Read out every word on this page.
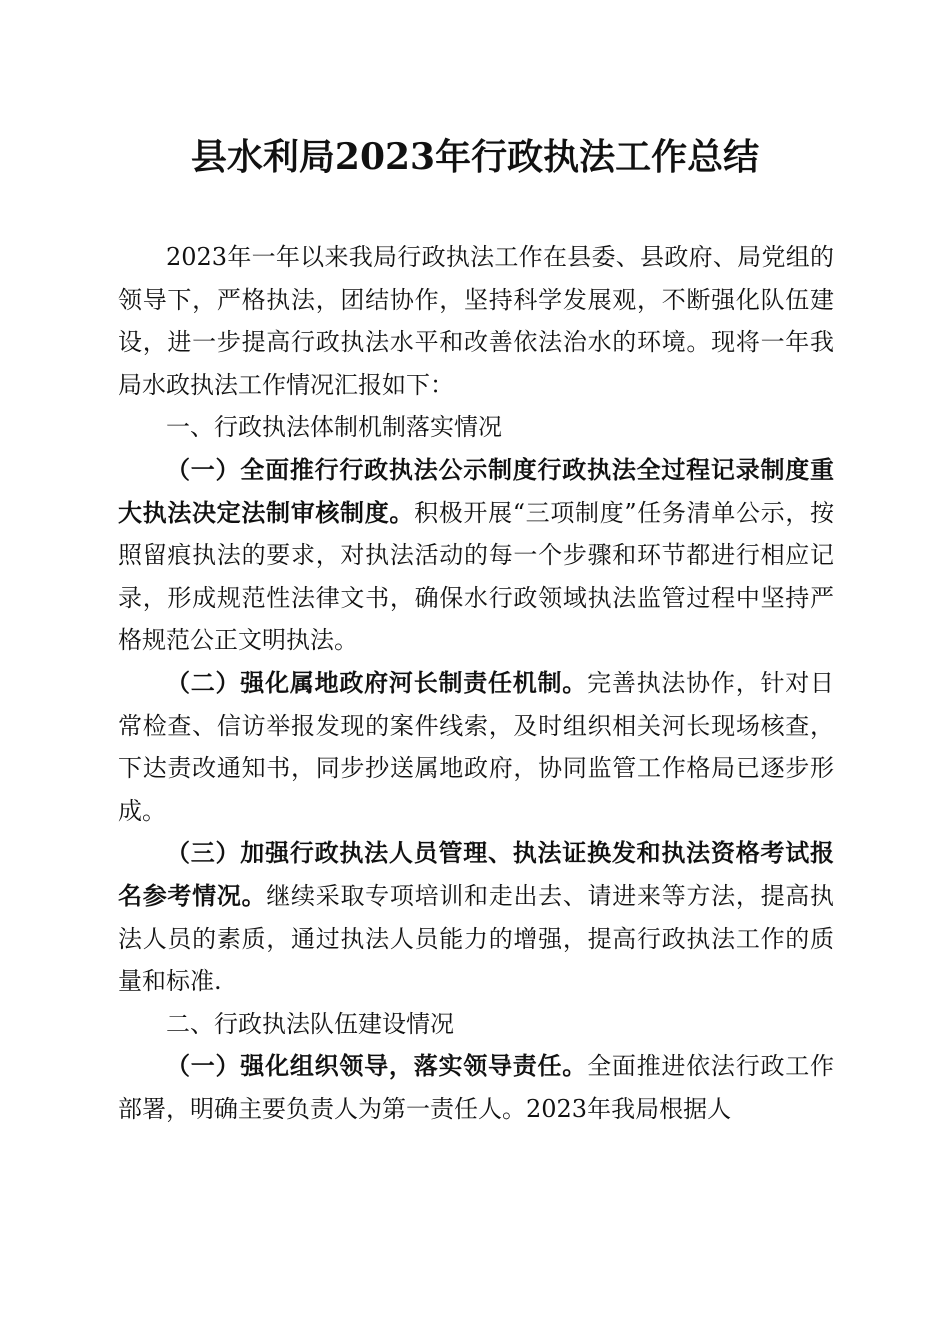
县水利局2023年行政执法工作总结

2023年一年以来我局行政执法工作在县委、县政府、局党组的领导下，严格执法，团结协作，坚持科学发展观，不断强化队伍建设，进一步提高行政执法水平和改善依法治水的环境。现将一年我局水政执法工作情况汇报如下：

一、行政执法体制机制落实情况

（一）全面推行行政执法公示制度行政执法全过程记录制度重大执法决定法制审核制度。积极开展“三项制度”任务清单公示，按照留痕执法的要求，对执法活动的每一个步骤和环节都进行相应记录，形成规范性法律文书，确保水行政领域执法监管过程中坚持严格规范公正文明执法。

（二）强化属地政府河长制责任机制。完善执法协作，针对日常检查、信访举报发现的案件线索，及时组织相关河长现场核查，下达责改通知书，同步抄送属地政府，协同监管工作格局已逐步形成。

（三）加强行政执法人员管理、执法证换发和执法资格考试报名参考情况。继续采取专项培训和走出去、请进来等方法，提高执法人员的素质，通过执法人员能力的增强，提高行政执法工作的质量和标准.

二、行政执法队伍建设情况

（一）强化组织领导，落实领导责任。全面推进依法行政工作部署，明确主要负责人为第一责任人。2023年我局根据人
